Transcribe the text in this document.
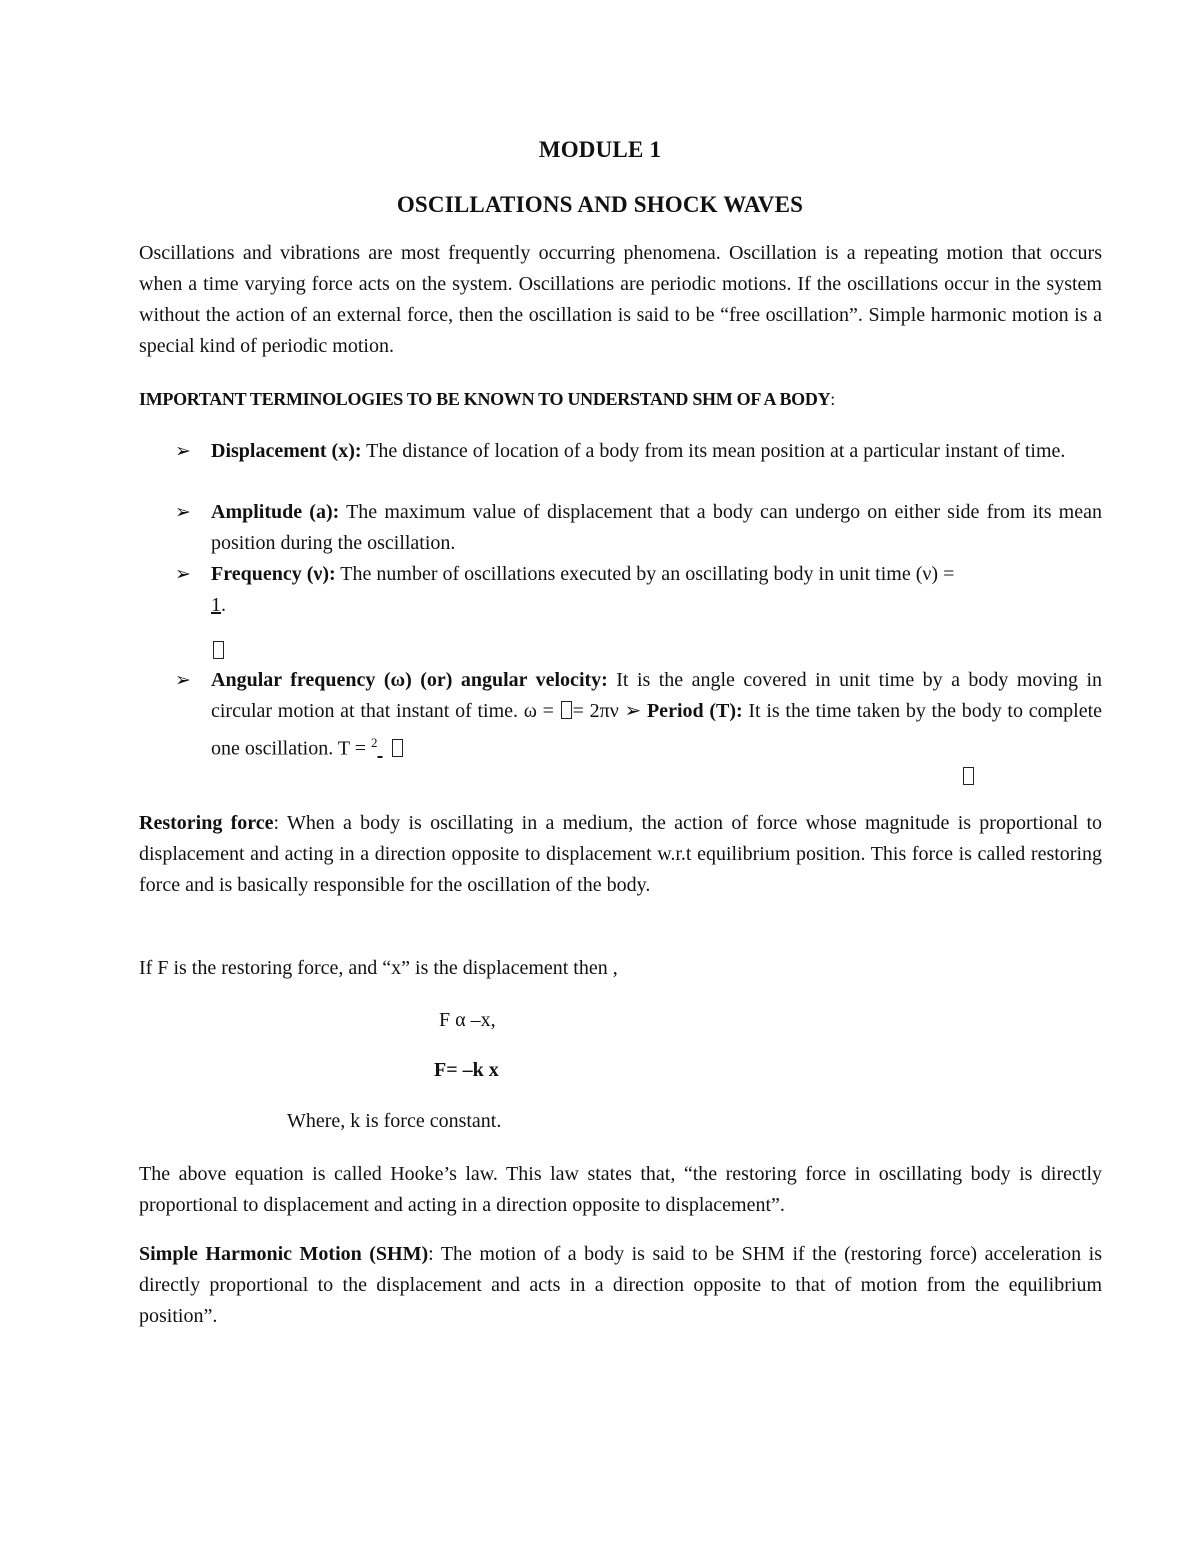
MODULE 1
OSCILLATIONS AND SHOCK WAVES

Oscillations and vibrations are most frequently occurring phenomena. Oscillation is a repeating motion that occurs when a time varying force acts on the system. Oscillations are periodic motions. If the oscillations occur in the system without the action of an external force, then the oscillation is said to be “free oscillation”. Simple harmonic motion is a special kind of periodic motion.

IMPORTANT TERMINOLOGIES TO BE KNOWN TO UNDERSTAND SHM OF A BODY:
➢ Displacement (x): The distance of location of a body from its mean position at a particular instant of time.
➢ Amplitude (a): The maximum value of displacement that a body can undergo on either side from its mean position during the oscillation.
➢ Frequency (ν): The number of oscillations executed by an oscillating body in unit time (ν) =
1.
➢ Angular frequency (ω) (or) angular velocity: It is the angle covered in unit time by a body moving in circular motion at that instant of time. ω = = 2πν ➢ Period (T): It is the time taken by the body to complete one oscillation. T = $^2$

Restoring force: When a body is oscillating in a medium, the action of force whose magnitude is proportional to displacement and acting in a direction opposite to displacement w.r.t equilibrium position. This force is called restoring force and is basically responsible for the oscillation of the body.

If F is the restoring force, and “x” is the displacement then ,
F α –x,
F= –k x
Where, k is force constant.

The above equation is called Hooke’s law. This law states that, “the restoring force in oscillating body is directly proportional to displacement and acting in a direction opposite to displacement”.

Simple Harmonic Motion (SHM): The motion of a body is said to be SHM if the (restoring force) acceleration is directly proportional to the displacement and acts in a direction opposite to that of motion from the equilibrium position”.
